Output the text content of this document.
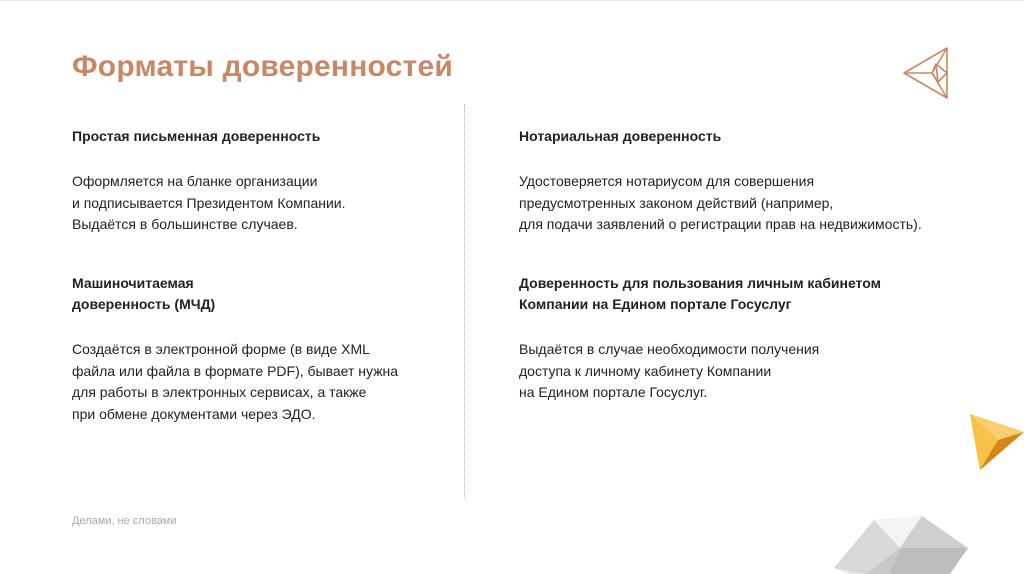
Форматы доверенностей
Простая письменная доверенность
Оформляется на бланке организации
и подписывается Президентом Компании.
Выдаётся в большинстве случаев.
Машиночитаемая
доверенность (МЧД)
Создаётся в электронной форме (в виде XML
файла или файла в формате PDF), бывает нужна
для работы в электронных сервисах, а также
при обмене документами через ЭДО.
Нотариальная доверенность
Удостоверяется нотариусом для совершения
предусмотренных законом действий (например,
для подачи заявлений о регистрации прав на недвижимость).
Доверенность для пользования личным кабинетом
Компании на Едином портале Госуслуг
Выдаётся в случае необходимости получения
доступа к личному кабинету Компании
на Едином портале Госуслуг.
Делами, не словами
